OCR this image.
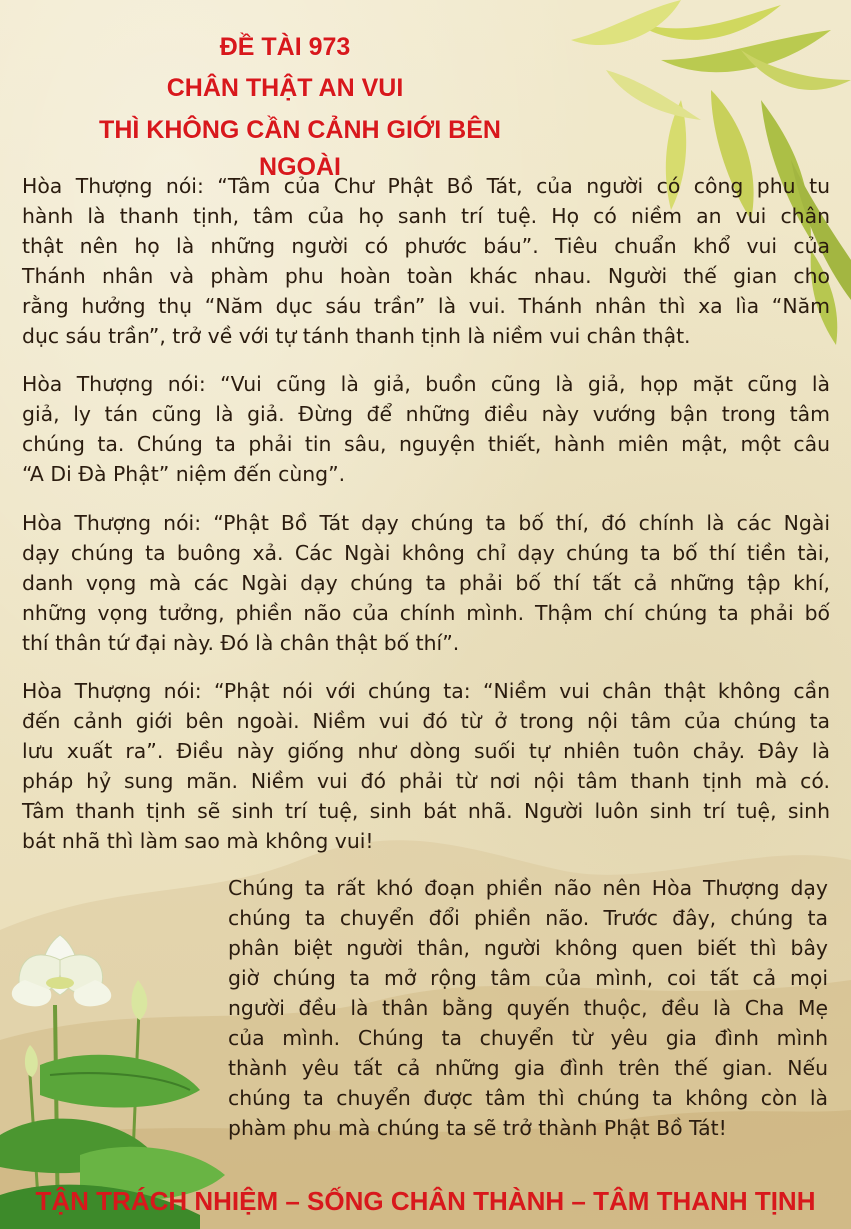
ĐỀ TÀI 973
CHÂN THẬT AN VUI
THÌ KHÔNG CẦN CẢNH GIỚI BÊN NGOÀI
Hòa Thượng nói: “Tâm của Chư Phật Bồ Tát, của người có công phu tu
hành là thanh tịnh, tâm của họ sanh trí tuệ. Họ có niềm an vui chân
thật nên họ là những người có phước báu”. Tiêu chuẩn khổ vui của
Thánh nhân và phàm phu hoàn toàn khác nhau. Người thế gian cho
rằng hưởng thụ “Năm dục sáu trần” là vui. Thánh nhân thì xa lìa “Năm
dục sáu trần”, trở về với tự tánh thanh tịnh là niềm vui chân thật.
Hòa Thượng nói: “Vui cũng là giả, buồn cũng là giả, họp mặt cũng là
giả, ly tán cũng là giả. Đừng để những điều này vướng bận trong tâm
chúng ta. Chúng ta phải tin sâu, nguyện thiết, hành miên mật, một câu
“A Di Đà Phật” niệm đến cùng”.
Hòa Thượng nói: “Phật Bồ Tát dạy chúng ta bố thí, đó chính là các Ngài
dạy chúng ta buông xả. Các Ngài không chỉ dạy chúng ta bố thí tiền tài,
danh vọng mà các Ngài dạy chúng ta phải bố thí tất cả những tập khí,
những vọng tưởng, phiền não của chính mình. Thậm chí chúng ta phải bố
thí thân tứ đại này. Đó là chân thật bố thí”.
Hòa Thượng nói: “Phật nói với chúng ta: “Niềm vui chân thật không cần
đến cảnh giới bên ngoài. Niềm vui đó từ ở trong nội tâm của chúng ta
lưu xuất ra”. Điều này giống như dòng suối tự nhiên tuôn chảy. Đây là
pháp hỷ sung mãn. Niềm vui đó phải từ nơi nội tâm thanh tịnh mà có.
Tâm thanh tịnh sẽ sinh trí tuệ, sinh bát nhã. Người luôn sinh trí tuệ, sinh
bát nhã thì làm sao mà không vui!
Chúng ta rất khó đoạn phiền não nên Hòa Thượng dạy
chúng ta chuyển đổi phiền não. Trước đây, chúng ta
phân biệt người thân, người không quen biết thì bây
giờ chúng ta mở rộng tâm của mình, coi tất cả mọi
người đều là thân bằng quyến thuộc, đều là Cha Mẹ
của mình. Chúng ta chuyển từ yêu gia đình mình
thành yêu tất cả những gia đình trên thế gian. Nếu
chúng ta chuyển được tâm thì chúng ta không còn là
phàm phu mà chúng ta sẽ trở thành Phật Bồ Tát!
TẬN TRÁCH NHIỆM – SỐNG CHÂN THÀNH – TÂM THANH TỊNH
